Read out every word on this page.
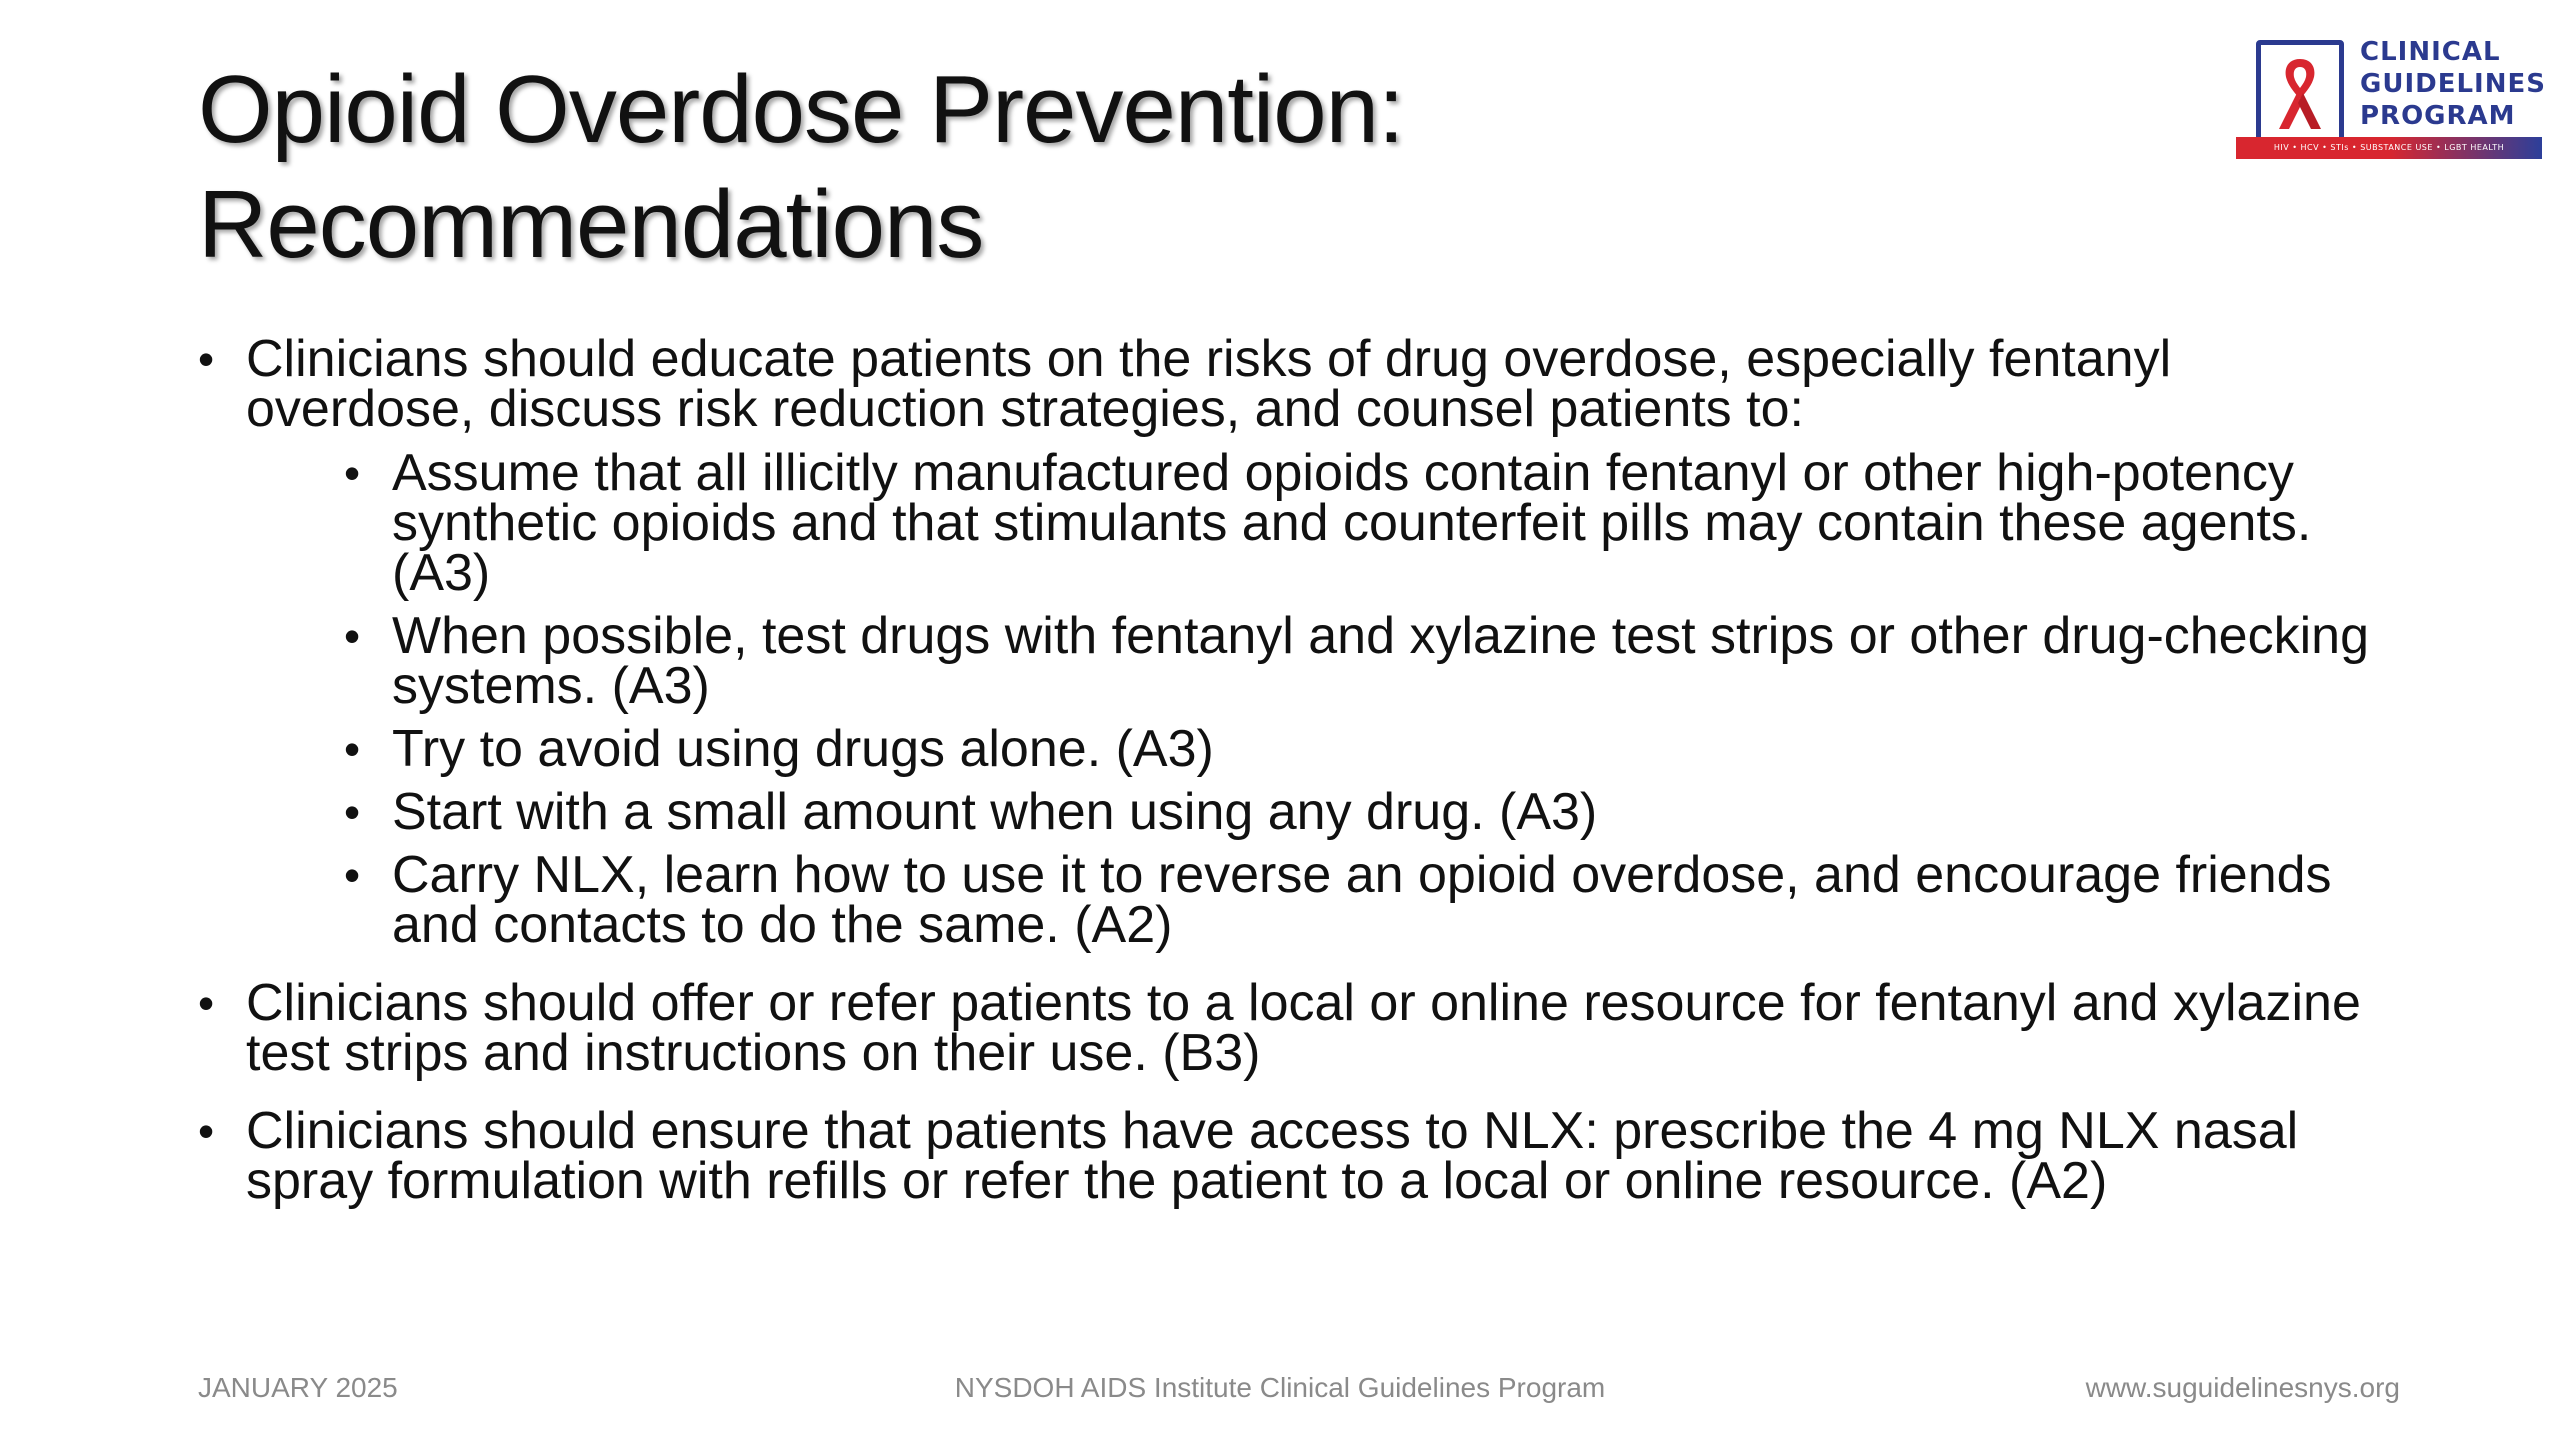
Opioid Overdose Prevention:
Recommendations
CLINICAL
GUIDELINES
PROGRAM
HIV • HCV • STIs • SUBSTANCE USE • LGBT HEALTH
• Clinicians should educate patients on the risks of drug overdose, especially fentanyl overdose, discuss risk reduction strategies, and counsel patients to:
• Assume that all illicitly manufactured opioids contain fentanyl or other high-potency synthetic opioids and that stimulants and counterfeit pills may contain these agents. (A3)
• When possible, test drugs with fentanyl and xylazine test strips or other drug-checking systems. (A3)
• Try to avoid using drugs alone. (A3)
• Start with a small amount when using any drug. (A3)
• Carry NLX, learn how to use it to reverse an opioid overdose, and encourage friends and contacts to do the same. (A2)
• Clinicians should offer or refer patients to a local or online resource for fentanyl and xylazine test strips and instructions on their use. (B3)
• Clinicians should ensure that patients have access to NLX: prescribe the 4 mg NLX nasal spray formulation with refills or refer the patient to a local or online resource. (A2)
JANUARY 2025	NYSDOH AIDS Institute Clinical Guidelines Program	www.suguidelinesnys.org
